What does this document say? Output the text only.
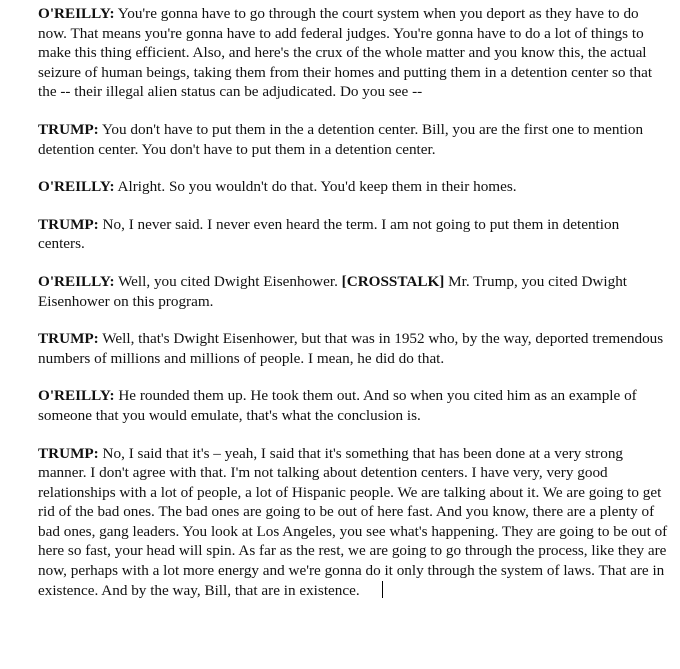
O'REILLY: You're gonna have to go through the court system when you deport as they have to do now. That means you're gonna have to add federal judges. You're gonna have to do a lot of things to make this thing efficient. Also, and here's the crux of the whole matter and you know this, the actual seizure of human beings, taking them from their homes and putting them in a detention center so that the -- their illegal alien status can be adjudicated. Do you see --

TRUMP: You don't have to put them in the a detention center. Bill, you are the first one to mention detention center. You don't have to put them in a detention center.

O'REILLY: Alright. So you wouldn't do that. You'd keep them in their homes.

TRUMP: No, I never said. I never even heard the term. I am not going to put them in detention centers.

O'REILLY: Well, you cited Dwight Eisenhower. [CROSSTALK] Mr. Trump, you cited Dwight Eisenhower on this program.

TRUMP: Well, that's Dwight Eisenhower, but that was in 1952 who, by the way, deported tremendous numbers of millions and millions of people. I mean, he did do that.

O'REILLY: He rounded them up. He took them out. And so when you cited him as an example of someone that you would emulate, that's what the conclusion is.

TRUMP: No, I said that it's – yeah, I said that it's something that has been done at a very strong manner. I don't agree with that. I'm not talking about detention centers. I have very, very good relationships with a lot of people, a lot of Hispanic people. We are talking about it. We are going to get rid of the bad ones. The bad ones are going to be out of here fast. And you know, there are a plenty of bad ones, gang leaders. You look at Los Angeles, you see what's happening. They are going to be out of here so fast, your head will spin. As far as the rest, we are going to go through the process, like they are now, perhaps with a lot more energy and we're gonna do it only through the system of laws. That are in existence. And by the way, Bill, that are in existence.
